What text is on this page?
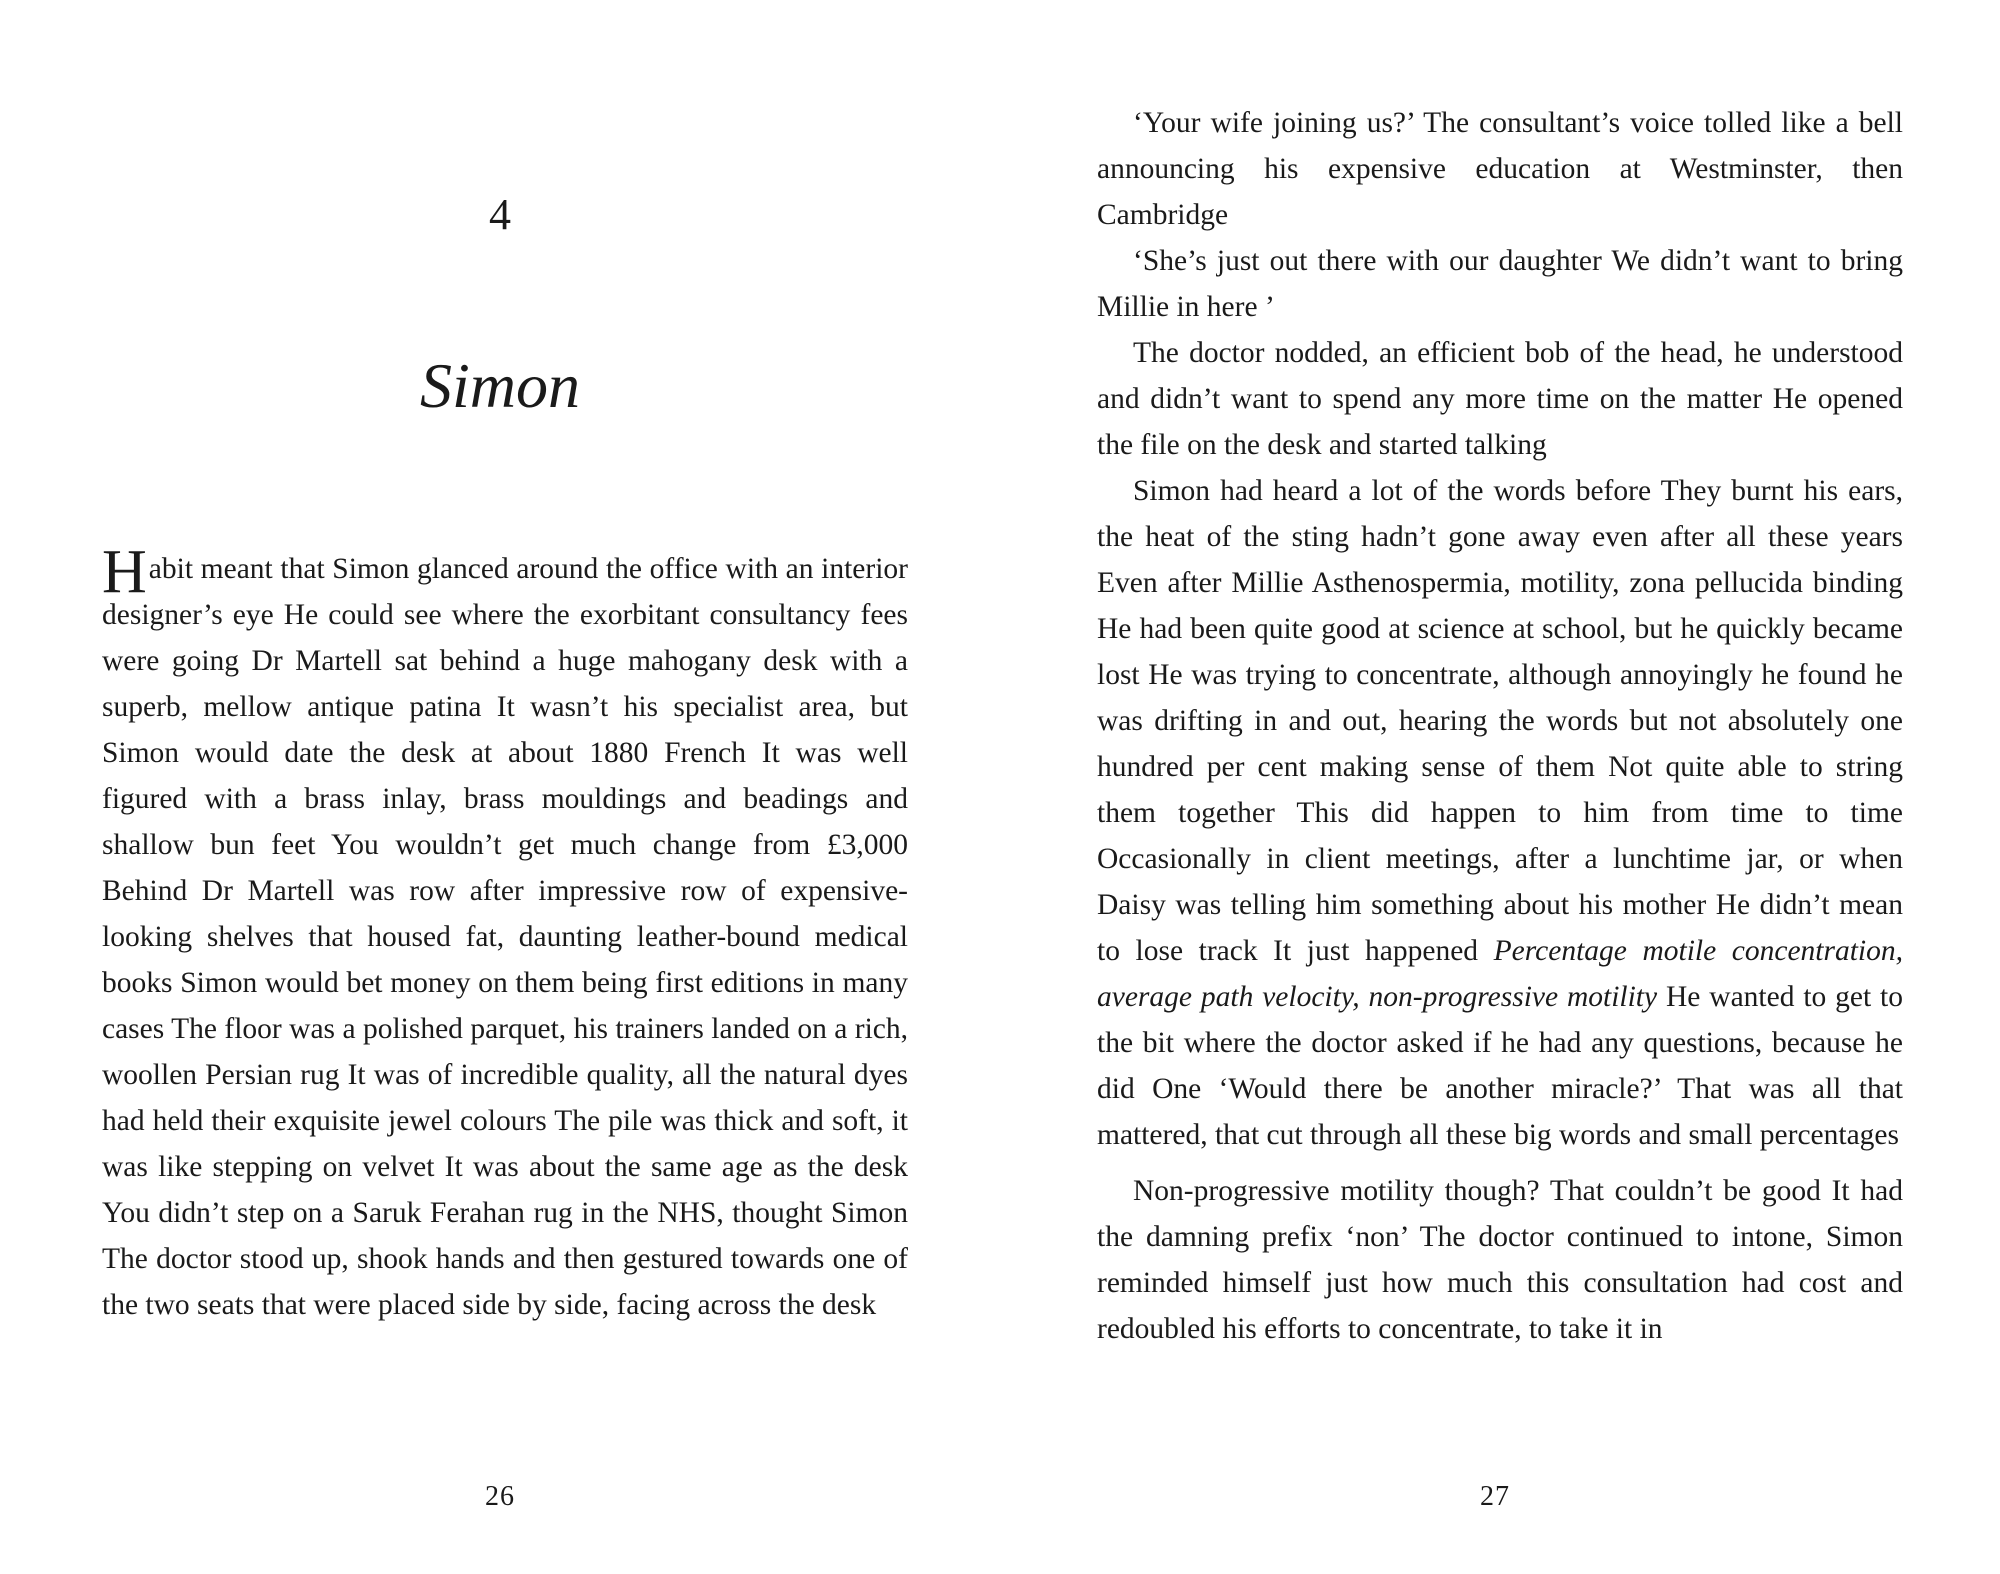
4
Simon

Habit meant that Simon glanced around the office with an interior designer’s eye He could see where the exorbitant consultancy fees were going Dr Martell sat behind a huge mahogany desk with a superb, mellow antique patina It wasn’t his specialist area, but Simon would date the desk at about 1880 French It was well figured with a brass inlay, brass mouldings and beadings and shallow bun feet You wouldn’t get much change from £3,000 Behind Dr Martell was row after impressive row of expensive-looking shelves that housed fat, daunting leather-bound medical books Simon would bet money on them being first editions in many cases The floor was a polished parquet, his trainers landed on a rich, woollen Persian rug It was of incredible quality, all the natural dyes had held their exquisite jewel colours The pile was thick and soft, it was like stepping on velvet It was about the same age as the desk You didn’t step on a Saruk Ferahan rug in the NHS, thought Simon The doctor stood up, shook hands and then gestured towards one of the two seats that were placed side by side, facing across the desk

26

‘Your wife joining us?’ The consultant’s voice tolled like a bell announcing his expensive education at Westminster, then Cambridge

‘She’s just out there with our daughter We didn’t want to bring Millie in here ’

The doctor nodded, an efficient bob of the head, he understood and didn’t want to spend any more time on the matter He opened the file on the desk and started talking

Simon had heard a lot of the words before They burnt his ears, the heat of the sting hadn’t gone away even after all these years Even after Millie Asthenospermia, motility, zona pellucida binding He had been quite good at science at school, but he quickly became lost He was trying to concentrate, although annoyingly he found he was drifting in and out, hearing the words but not absolutely one hundred per cent making sense of them Not quite able to string them together This did happen to him from time to time Occasionally in client meetings, after a lunchtime jar, or when Daisy was telling him something about his mother He didn’t mean to lose track It just happened Percentage motile concentration, average path velocity, non-progressive motility He wanted to get to the bit where the doctor asked if he had any questions, because he did One ‘Would there be another miracle?’ That was all that mattered, that cut through all these big words and small percentages

Non-progressive motility though? That couldn’t be good It had the damning prefix ‘non’ The doctor continued to intone, Simon reminded himself just how much this consultation had cost and redoubled his efforts to concentrate, to take it in

27
